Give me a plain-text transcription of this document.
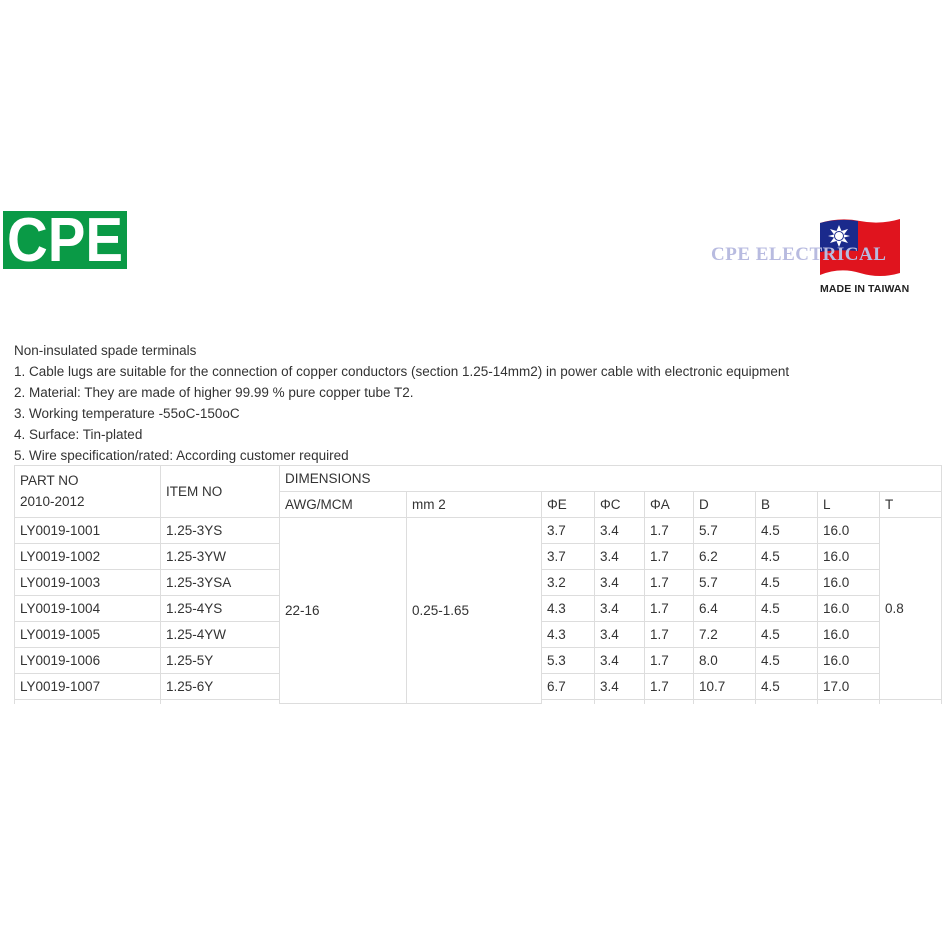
CPE	CPE ELECTRICAL
MADE IN TAIWAN
Non-insulated spade terminals
1. Cable lugs are suitable for the connection of copper conductors (section 1.25-14mm2) in power cable with electronic equipment
2. Material: They are made of higher 99.99 % pure copper tube T2.
3. Working temperature -55oC-150oC
4. Surface: Tin-plated
5. Wire specification/rated: According customer required
PART NO
2010-2012	ITEM NO	DIMENSIONS								
		AWG/MCM	mm 2	ΦE	ΦC	ΦA	D	B	L	T
LY0019-1001	1.25-3YS	22-16	0.25-1.65	3.7	3.4	1.7	5.7	4.5	16.0	0.8
LY0019-1002	1.25-3YW			3.7	3.4	1.7	6.2	4.5	16.0	
LY0019-1003	1.25-3YSA			3.2	3.4	1.7	5.7	4.5	16.0	
LY0019-1004	1.25-4YS			4.3	3.4	1.7	6.4	4.5	16.0	
LY0019-1005	1.25-4YW			4.3	3.4	1.7	7.2	4.5	16.0	
LY0019-1006	1.25-5Y			5.3	3.4	1.7	8.0	4.5	16.0	
LY0019-1007	1.25-6Y			6.7	3.4	1.7	10.7	4.5	17.0	
